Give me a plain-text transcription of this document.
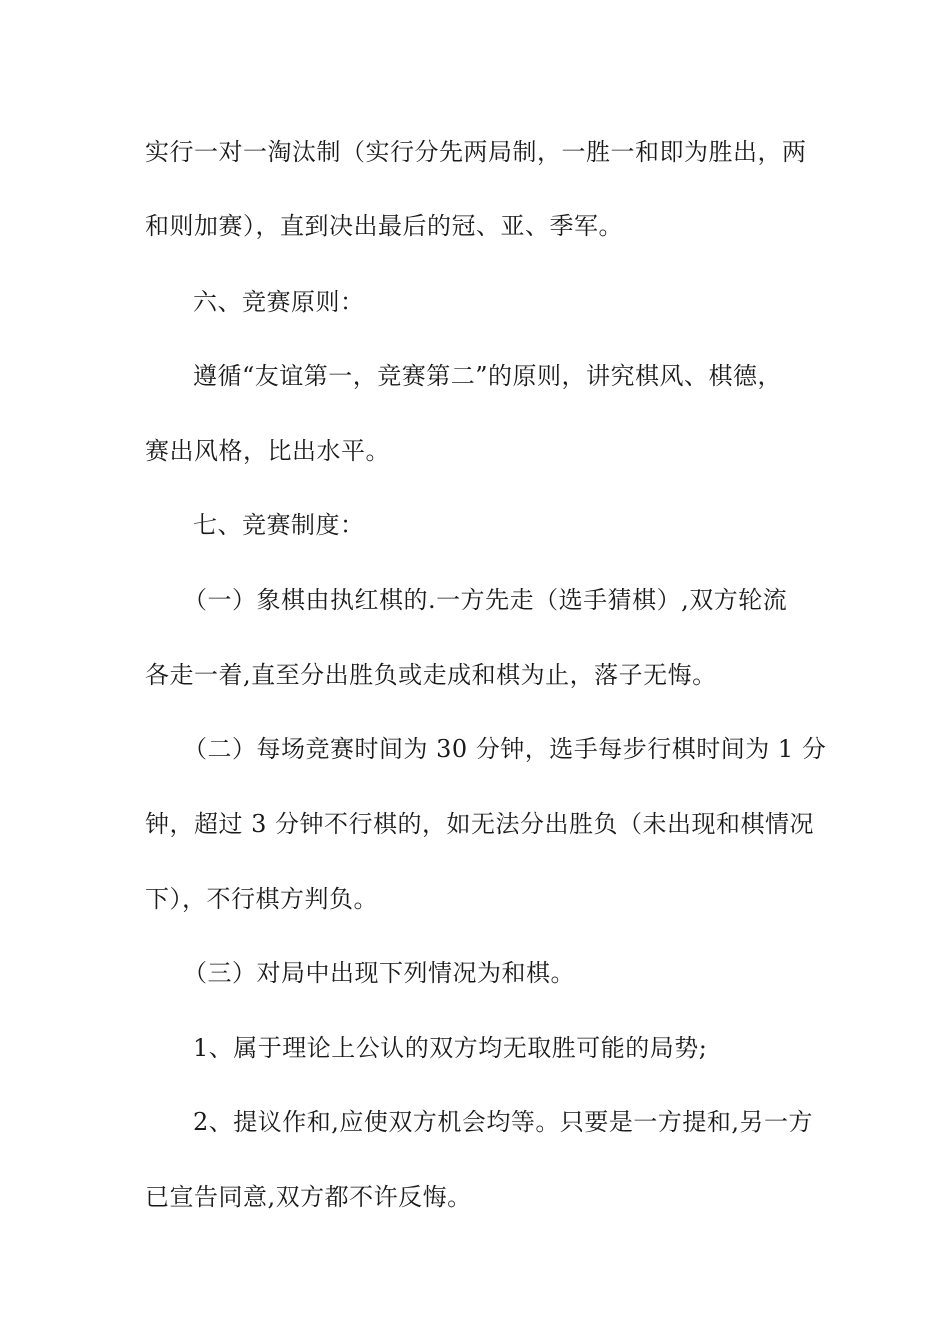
实行一对一淘汰制（实行分先两局制，一胜一和即为胜出，两
和则加赛），直到决出最后的冠、亚、季军。
六、竞赛原则：
遵循“友谊第一，竞赛第二”的原则，讲究棋风、棋德，
赛出风格，比出水平。
七、竞赛制度：
（一）象棋由执红棋的.一方先走（选手猜棋）,双方轮流
各走一着,直至分出胜负或走成和棋为止，落子无悔。
（二）每场竞赛时间为 30 分钟，选手每步行棋时间为 1 分
钟，超过 3 分钟不行棋的，如无法分出胜负（未出现和棋情况
下），不行棋方判负。
（三）对局中出现下列情况为和棋。
1、属于理论上公认的双方均无取胜可能的局势;
2、提议作和,应使双方机会均等。只要是一方提和,另一方
已宣告同意,双方都不许反悔。
